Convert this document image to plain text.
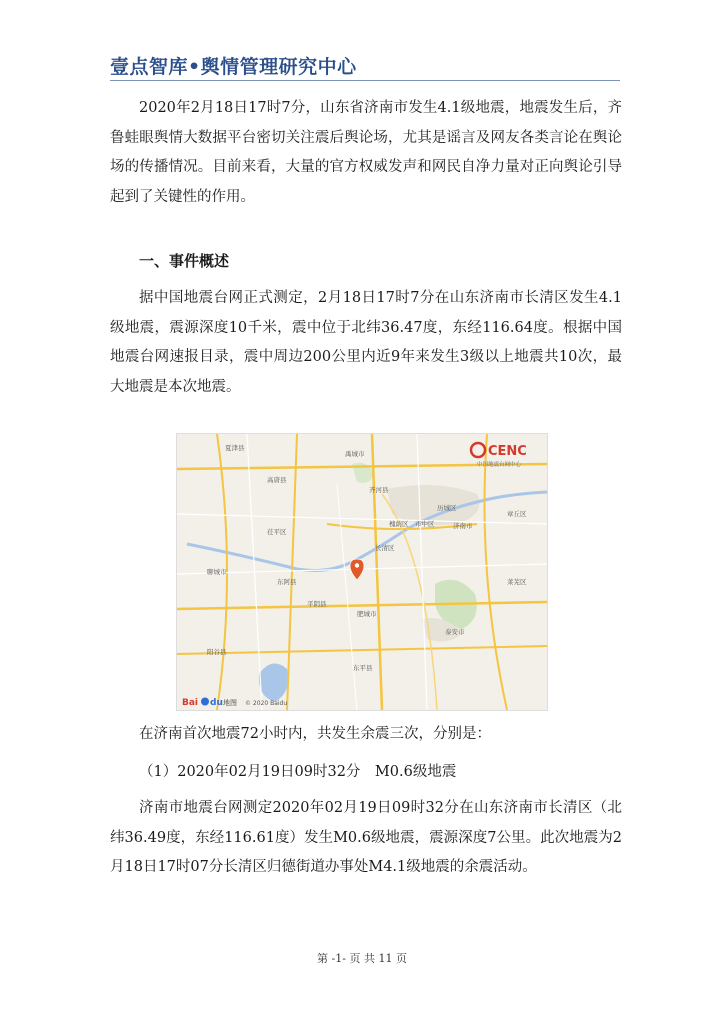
壹点智库•舆情管理研究中心
2020年2月18日17时7分，山东省济南市发生4.1级地震，地震发生后，齐鲁蛙眼舆情大数据平台密切关注震后舆论场，尤其是谣言及网友各类言论在舆论场的传播情况。目前来看，大量的官方权威发声和网民自净力量对正向舆论引导起到了关键性的作用。
一、事件概述
据中国地震台网正式测定，2月18日17时7分在山东济南市长清区发生4.1级地震，震源深度10千米，震中位于北纬36.47度，东经116.64度。根据中国地震台网速报目录，震中周边200公里内近9年来发生3级以上地震共10次，最大地震是本次地震。
夏津县
高唐县
禹城市
齐河县
济南市
长清区
聊城市
东阿县
平阴县
肥城市
泰安市
东平县
阳谷县
章丘区
茌平区
槐荫区 市中区
历城区
莱芜区
CENC
中国地震台网中心
Bai du 地图 © 2020 Baidu
在济南首次地震72小时内，共发生余震三次，分别是：
（1）2020年02月19日09时32分　M0.6级地震
济南市地震台网测定2020年02月19日09时32分在山东济南市长清区（北纬36.49度，东经116.61度）发生M0.6级地震，震源深度7公里。此次地震为2月18日17时07分长清区归德街道办事处M4.1级地震的余震活动。
第 -1- 页 共 11 页
